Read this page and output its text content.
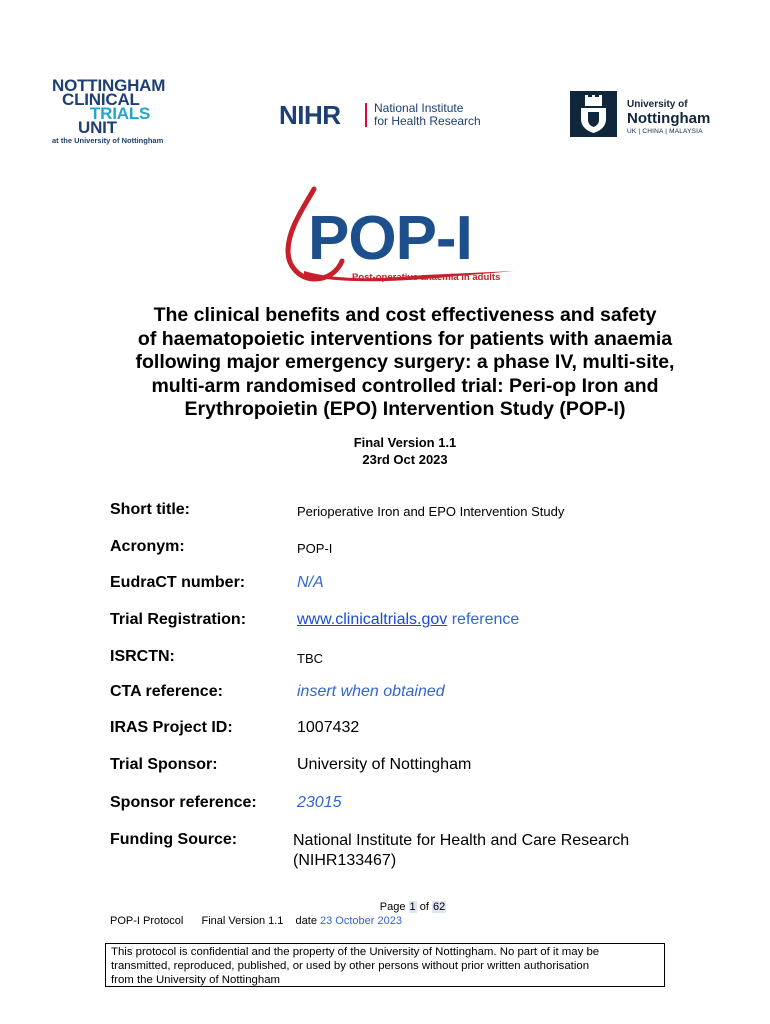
NOTTINGHAM
CLINICAL
TRIALS
UNIT
at the University of Nottingham
NIHR	National Institute
for Health Research
University of
Nottingham
UK | CHINA | MALAYSIA
POP-I
Post-operative anaemia in adults
The clinical benefits and cost effectiveness and safety
of haematopoietic interventions for patients with anaemia
following major emergency surgery: a phase IV, multi-site,
multi-arm randomised controlled trial: Peri-op Iron and
Erythropoietin (EPO) Intervention Study (POP-I)
Final Version 1.1
23rd Oct 2023
Short title:	Perioperative Iron and EPO Intervention Study
Acronym:	POP-I
EudraCT number:	N/A
Trial Registration:	www.clinicaltrials.gov reference
ISRCTN:	TBC
CTA reference:	insert when obtained
IRAS Project ID:	1007432
Trial Sponsor:	University of Nottingham
Sponsor reference:	23015
Funding Source:	National Institute for Health and Care Research
(NIHR133467)
Page 1 of 62
POP-I Protocol Final Version 1.1 date 23 October 2023
This protocol is confidential and the property of the University of Nottingham. No part of it may be
transmitted, reproduced, published, or used by other persons without prior written authorisation
from the University of Nottingham
